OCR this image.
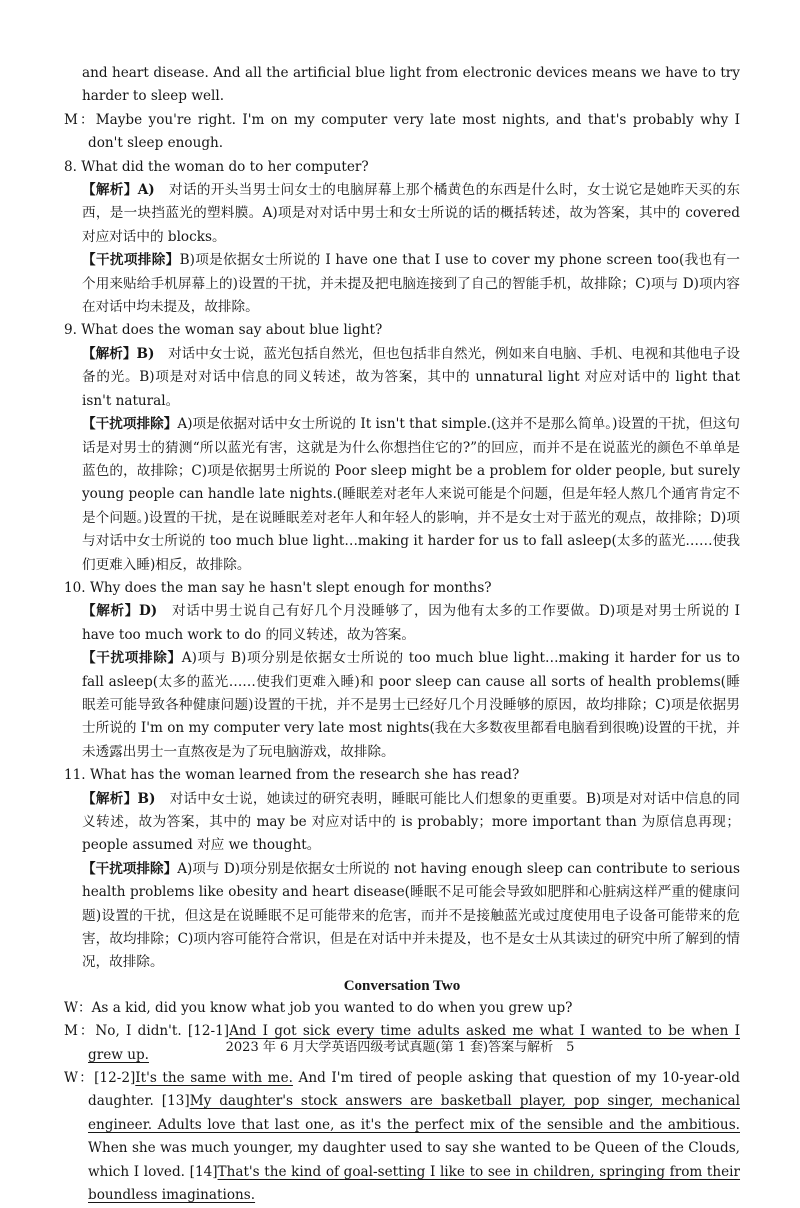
and heart disease. And all the artificial blue light from electronic devices means we have to try harder to sleep well.
M：Maybe you're right. I'm on my computer very late most nights, and that's probably why I don't sleep enough.
8. What did the woman do to her computer?
【解析】A)　 对话的开头当男士问女士的电脑屏幕上那个橘黄色的东西是什么时，女士说它是她昨天买的东西，是一块挡蓝光的塑料膜。A)项是对对话中男士和女士所说的话的概括转述，故为答案，其中的 covered 对应对话中的 blocks。
【干扰项排除】B)项是依据女士所说的 I have one that I use to cover my phone screen too(我也有一个用来贴给手机屏幕上的)设置的干扰，并未提及把电脑连接到了自己的智能手机，故排除；C)项与 D)项内容在对话中均未提及，故排除。
9. What does the woman say about blue light?
【解析】B)　 对话中女士说，蓝光包括自然光，但也包括非自然光，例如来自电脑、手机、电视和其他电子设备的光。B)项是对对话中信息的同义转述，故为答案，其中的 unnatural light 对应对话中的 light that isn't natural。
【干扰项排除】A)项是依据对话中女士所说的 It isn't that simple.(这并不是那么简单。)设置的干扰，但这句话是对男士的猜测“所以蓝光有害，这就是为什么你想挡住它的?”的回应，而并不是在说蓝光的颜色不单单是蓝色的，故排除；C)项是依据男士所说的 Poor sleep might be a problem for older people, but surely young people can handle late nights.(睡眠差对老年人来说可能是个问题，但是年轻人熬几个通宵肯定不是个问题。)设置的干扰，是在说睡眠差对老年人和年轻人的影响，并不是女士对于蓝光的观点，故排除；D)项与对话中女士所说的 too much blue light…making it harder for us to fall asleep(太多的蓝光……使我们更难入睡)相反，故排除。
10. Why does the man say he hasn't slept enough for months?
【解析】D)　 对话中男士说自己有好几个月没睡够了，因为他有太多的工作要做。D)项是对男士所说的 I have too much work to do 的同义转述，故为答案。
【干扰项排除】A)项与 B)项分别是依据女士所说的 too much blue light…making it harder for us to fall asleep(太多的蓝光……使我们更难入睡)和 poor sleep can cause all sorts of health problems(睡眠差可能导致各种健康问题)设置的干扰，并不是男士已经好几个月没睡够的原因，故均排除；C)项是依据男士所说的 I'm on my computer very late most nights(我在大多数夜里都看电脑看到很晚)设置的干扰，并未透露出男士一直熬夜是为了玩电脑游戏，故排除。
11. What has the woman learned from the research she has read?
【解析】B)　 对话中女士说，她读过的研究表明，睡眠可能比人们想象的更重要。B)项是对对话中信息的同义转述，故为答案，其中的 may be 对应对话中的 is probably；more important than 为原信息再现；people assumed 对应 we thought。
【干扰项排除】A)项与 D)项分别是依据女士所说的 not having enough sleep can contribute to serious health problems like obesity and heart disease(睡眠不足可能会导致如肥胖和心脏病这样严重的健康问题)设置的干扰，但这是在说睡眠不足可能带来的危害，而并不是接触蓝光或过度使用电子设备可能带来的危害，故均排除；C)项内容可能符合常识，但是在对话中并未提及，也不是女士从其读过的研究中所了解到的情况，故排除。
Conversation Two
W：As a kid, did you know what job you wanted to do when you grew up?
M：No, I didn't. [12-1]And I got sick every time adults asked me what I wanted to be when I grew up.
W：[12-2]It's the same with me. And I'm tired of people asking that question of my 10-year-old daughter. [13]My daughter's stock answers are basketball player, pop singer, mechanical engineer. Adults love that last one, as it's the perfect mix of the sensible and the ambitious. When she was much younger, my daughter used to say she wanted to be Queen of the Clouds, which I loved. [14]That's the kind of goal-setting I like to see in children, springing from their boundless imaginations.
2023 年 6 月大学英语四级考试真题(第 1 套)答案与解析　5
